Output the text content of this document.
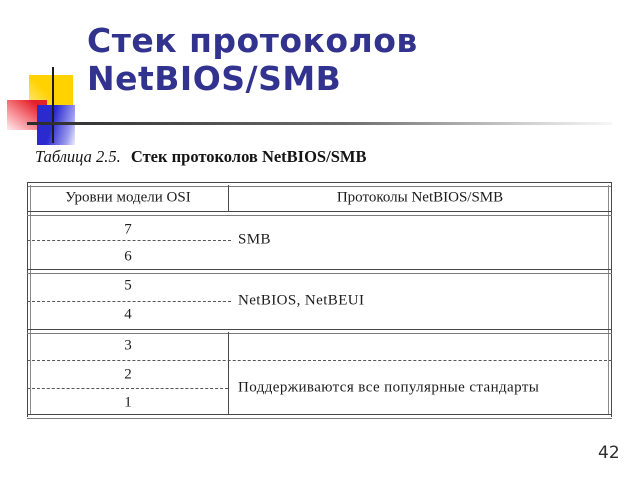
Стек протоколов
NetBIOS/SMB
Таблица 2.5. Стек протоколов NetBIOS/SMB
Уровни модели OSI	Протоколы NetBIOS/SMB
7
SMB
6
5
NetBIOS, NetBEUI
4
3
2
Поддерживаются все популярные стандарты
1
42
